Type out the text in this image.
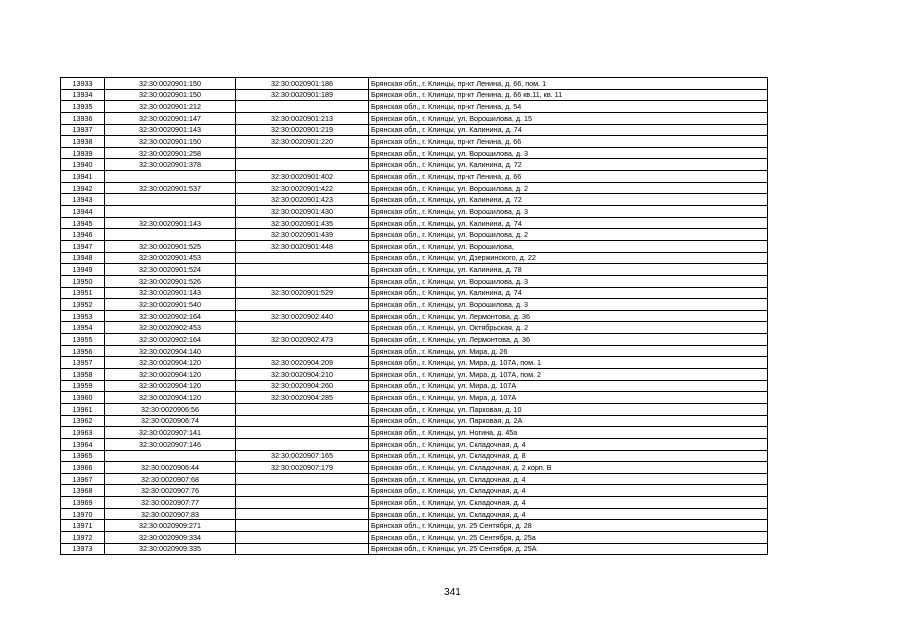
13933	32:30:0020901:150	32:30:0020901:186	Брянская обл., г. Клинцы, пр-кт Ленина, д. 66, пом. 1
13934	32:30:0020901:150	32:30:0020901:189	Брянская обл., г. Клинцы, пр-кт Ленина, д. 66 кв.11, кв. 11
13935	32:30:0020901:212		Брянская обл., г. Клинцы, пр-кт Ленина, д. 54
13936	32:30:0020901:147	32:30:0020901:213	Брянская обл., г. Клинцы, ул. Ворошилова, д. 15
13937	32:30:0020901:143	32:30:0020901:219	Брянская обл., г. Клинцы, ул. Калинина, д. 74
13938	32:30:0020901:150	32:30:0020901:220	Брянская обл., г. Клинцы, пр-кт Ленина, д. 66
13939	32:30:0020901:258		Брянская обл., г. Клинцы, ул. Ворошилова, д. 3
13940	32:30:0020901:378		Брянская обл., г. Клинцы, ул. Калинина, д. 72
13941		32:30:0020901:402	Брянская обл., г. Клинцы, пр-кт Ленина, д. 66
13942	32:30:0020901:537	32:30:0020901:422	Брянская обл., г. Клинцы, ул. Ворошилова, д. 2
13943		32:30:0020901:423	Брянская обл., г. Клинцы, ул. Калинина, д. 72
13944		32:30:0020901:430	Брянская обл., г. Клинцы, ул. Ворошилова, д. 3
13945	32:30:0020901:143	32:30:0020901:435	Брянская обл., г. Клинцы, ул. Калинина, д. 74
13946		32:30:0020901:439	Брянская обл., г. Клинцы, ул. Ворошилова, д. 2
13947	32:30:0020901:525	32:30:0020901:448	Брянская обл., г. Клинцы, ул. Ворошилова,
13948	32:30:0020901:453		Брянская обл., г. Клинцы, ул. Дзержинского, д. 22
13949	32:30:0020901:524		Брянская обл., г. Клинцы, ул. Калинина, д. 78
13950	32:30:0020901:526		Брянская обл., г. Клинцы, ул. Ворошилова, д. 3
13951	32:30:0020901:143	32:30:0020901:529	Брянская обл., г. Клинцы, ул. Калинина, д. 74
13952	32:30:0020901:540		Брянская обл., г. Клинцы, ул. Ворошилова, д. 3
13953	32:30:0020902:164	32:30:0020902:440	Брянская обл., г. Клинцы, ул. Лермонтова, д. 36
13954	32:30:0020902:453		Брянская обл., г. Клинцы, ул. Октябрьская, д. 2
13955	32:30:0020902:164	32:30:0020902:473	Брянская обл., г. Клинцы, ул. Лермонтова, д. 36
13956	32:30:0020904:140		Брянская обл., г. Клинцы, ул. Мира, д. 26
13957	32:30:0020904:120	32:30:0020904:209	Брянская обл., г. Клинцы, ул. Мира, д. 107А, пом. 1
13958	32:30:0020904:120	32:30:0020904:210	Брянская обл., г. Клинцы, ул. Мира, д. 107А, пом. 2
13959	32:30:0020904:120	32:30:0020904:260	Брянская обл., г. Клинцы, ул. Мира, д. 107А
13960	32:30:0020904:120	32:30:0020904:285	Брянская обл., г. Клинцы, ул. Мира, д. 107А
13961	32:30:0020906:56		Брянская обл., г. Клинцы, ул. Парковая, д. 10
13962	32:30:0020906:74		Брянская обл., г. Клинцы, ул. Парковая, д. 2А
13963	32:30:0020907:141		Брянская обл., г. Клинцы, ул. Ногина, д. 45а
13964	32:30:0020907:146		Брянская обл., г. Клинцы, ул. Складочная, д. 4
13965		32:30:0020907:165	Брянская обл., г. Клинцы, ул. Складочная, д. 8
13966	32:30:0020906:44	32:30:0020907:179	Брянская обл., г. Клинцы, ул. Складочная, д. 2 корп. В
13967	32:30:0020907:68		Брянская обл., г. Клинцы, ул. Складочная, д. 4
13968	32:30:0020907:76		Брянская обл., г. Клинцы, ул. Складочная, д. 4
13969	32:30:0020907:77		Брянская обл., г. Клинцы, ул. Складочная, д. 4
13970	32:30:0020907:83		Брянская обл., г. Клинцы, ул. Складочная, д. 4
13971	32:30:0020909:271		Брянская обл., г. Клинцы, ул. 25 Сентября, д. 28
13972	32:30:0020909:334		Брянская обл., г. Клинцы, ул. 25 Сентября, д. 25а
13973	32:30:0020909:335		Брянская обл., г. Клинцы, ул. 25 Сентября, д. 25А
341
